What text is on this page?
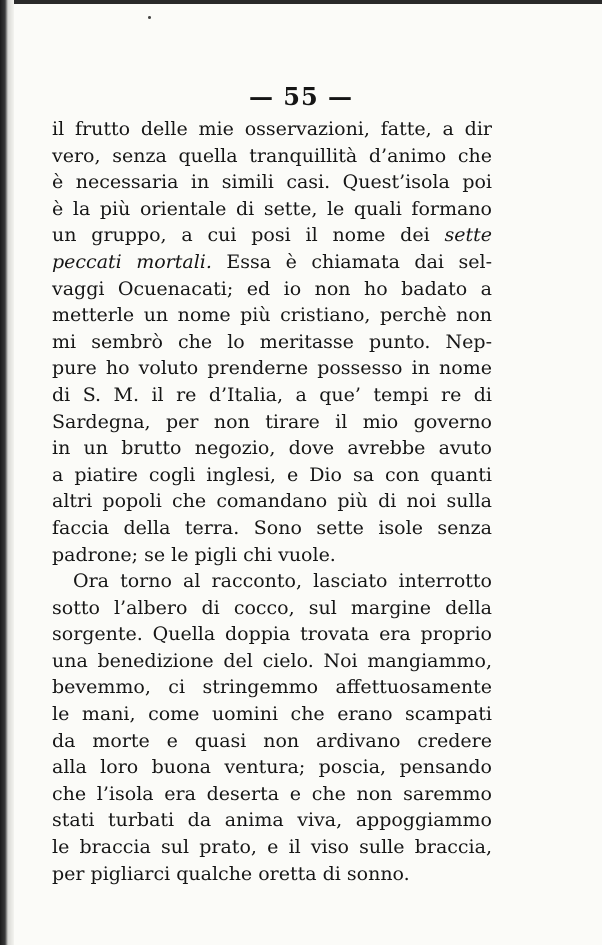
— 55 —
il frutto delle mie osservazioni, fatte, a dir
vero, senza quella tranquillità d’animo che
è necessaria in simili casi. Quest’isola poi
è la più orientale di sette, le quali formano
un gruppo, a cui posi il nome dei sette
peccati mortali. Essa è chiamata dai sel-
vaggi Ocuenacati; ed io non ho badato a
metterle un nome più cristiano, perchè non
mi sembrò che lo meritasse punto. Nep-
pure ho voluto prenderne possesso in nome
di S. M. il re d’Italia, a que’ tempi re di
Sardegna, per non tirare il mio governo
in un brutto negozio, dove avrebbe avuto
a piatire cogli inglesi, e Dio sa con quanti
altri popoli che comandano più di noi sulla
faccia della terra. Sono sette isole senza
padrone; se le pigli chi vuole.
Ora torno al racconto, lasciato interrotto
sotto l’albero di cocco, sul margine della
sorgente. Quella doppia trovata era proprio
una benedizione del cielo. Noi mangiammo,
bevemmo, ci stringemmo affettuosamente
le mani, come uomini che erano scampati
da morte e quasi non ardivano credere
alla loro buona ventura; poscia, pensando
che l’isola era deserta e che non saremmo
stati turbati da anima viva, appoggiammo
le braccia sul prato, e il viso sulle braccia,
per pigliarci qualche oretta di sonno.
